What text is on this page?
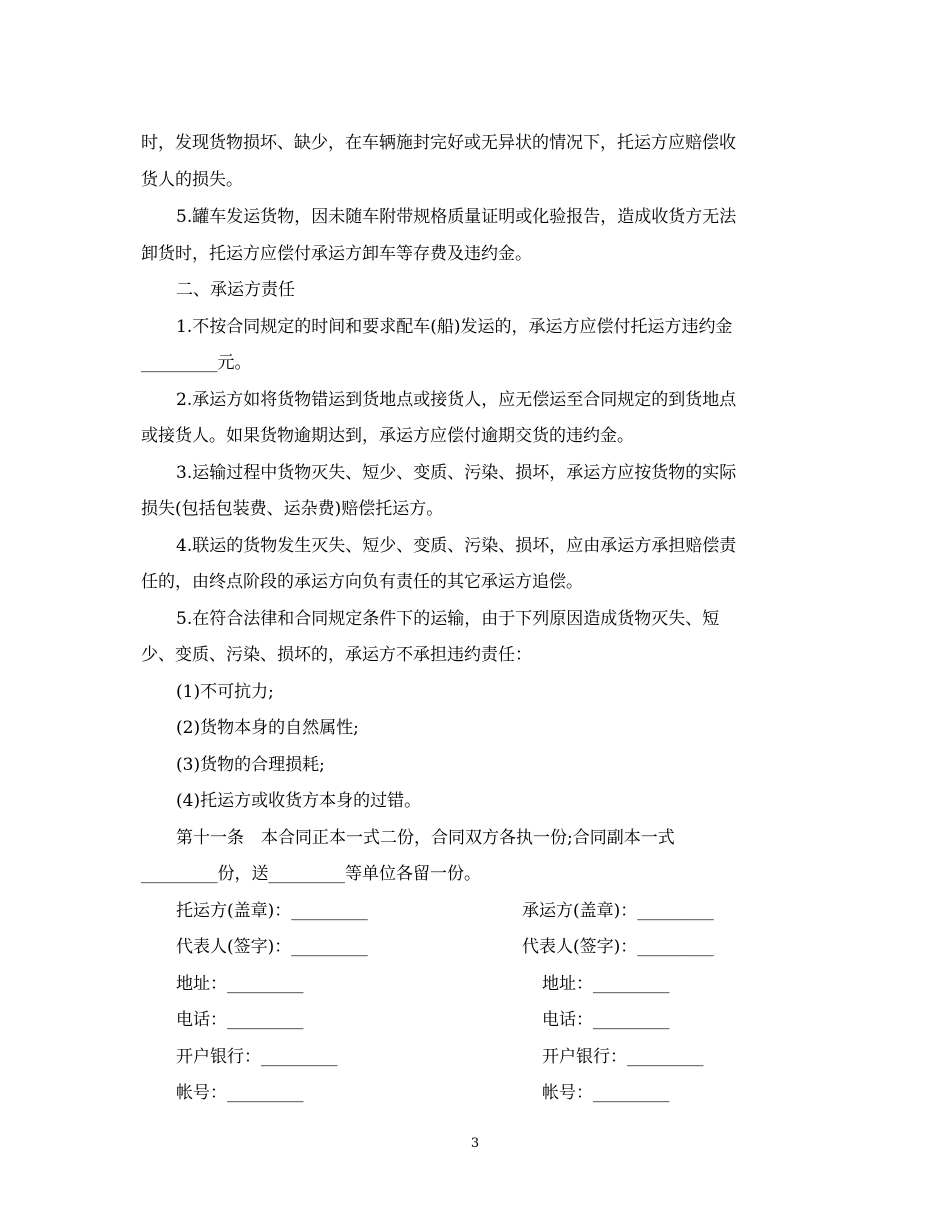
时，发现货物损坏、缺少，在车辆施封完好或无异状的情况下，托运方应赔偿收
货人的损失。
5.罐车发运货物，因未随车附带规格质量证明或化验报告，造成收货方无法
卸货时，托运方应偿付承运方卸车等存费及违约金。
二、承运方责任
1.不按合同规定的时间和要求配车(船)发运的，承运方应偿付托运方违约金
_________元。
2.承运方如将货物错运到货地点或接货人，应无偿运至合同规定的到货地点
或接货人。如果货物逾期达到，承运方应偿付逾期交货的违约金。
3.运输过程中货物灭失、短少、变质、污染、损坏，承运方应按货物的实际
损失(包括包装费、运杂费)赔偿托运方。
4.联运的货物发生灭失、短少、变质、污染、损坏，应由承运方承担赔偿责
任的，由终点阶段的承运方向负有责任的其它承运方追偿。
5.在符合法律和合同规定条件下的运输，由于下列原因造成货物灭失、短
少、变质、污染、损坏的，承运方不承担违约责任：
(1)不可抗力;
(2)货物本身的自然属性;
(3)货物的合理损耗;
(4)托运方或收货方本身的过错。
第十一条　本合同正本一式二份，合同双方各执一份;合同副本一式
_________份，送_________等单位各留一份。
托运方(盖章)：_________
代表人(签字)：_________
地址：_________
电话：_________
开户银行：_________
帐号：_________
承运方(盖章)：_________
代表人(签字)：_________
地址：_________
电话：_________
开户银行：_________
帐号：_________
3
